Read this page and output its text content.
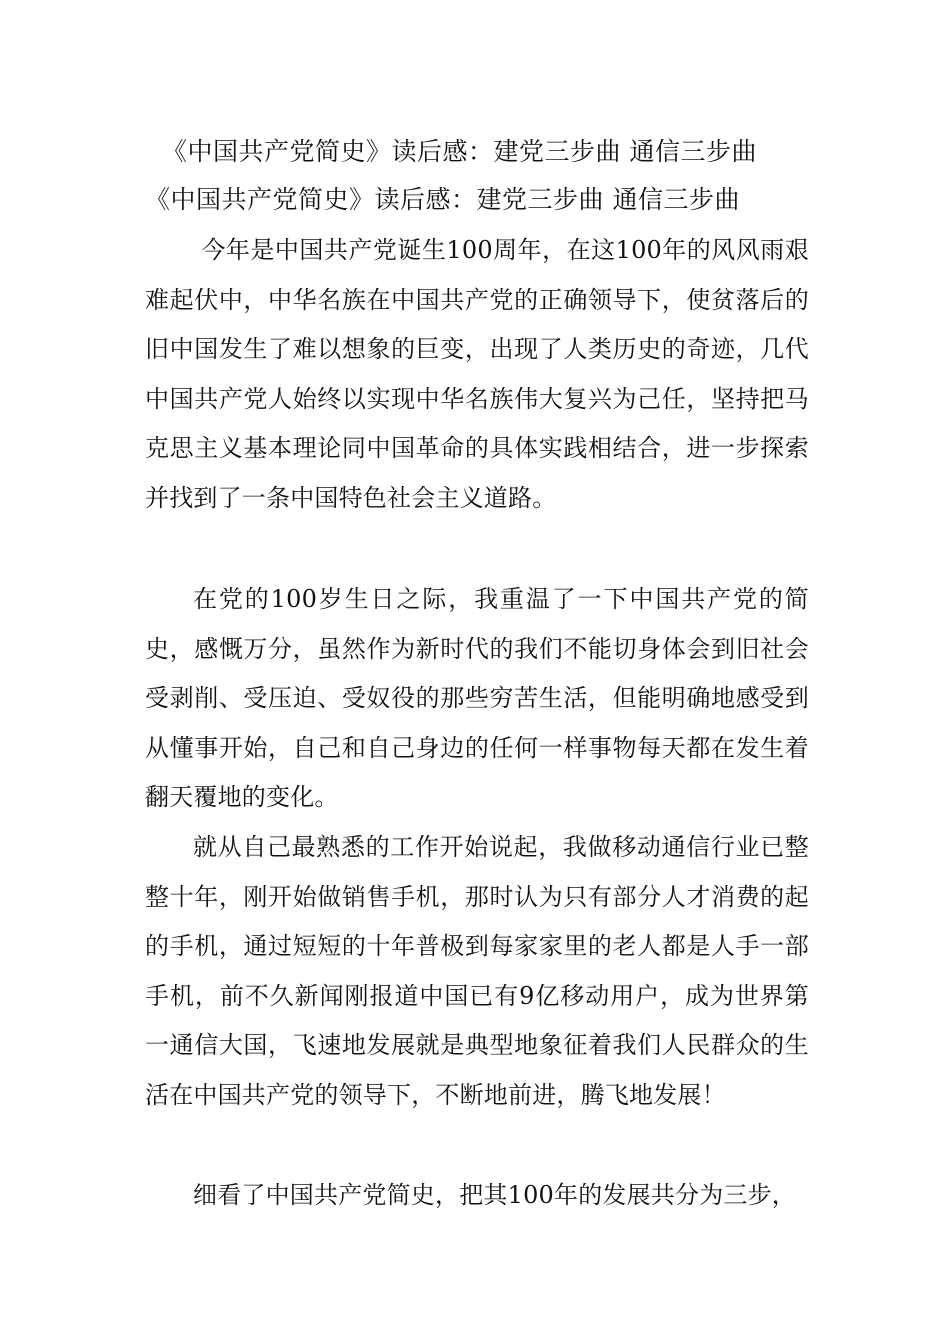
《中国共产党简史》读后感：建党三步曲 通信三步曲
《中国共产党简史》读后感：建党三步曲 通信三步曲

今年是中国共产党诞生100周年，在这100年的风风雨艰难起伏中，中华名族在中国共产党的正确领导下，使贫落后的旧中国发生了难以想象的巨变，出现了人类历史的奇迹，几代中国共产党人始终以实现中华名族伟大复兴为己任，坚持把马克思主义基本理论同中国革命的具体实践相结合，进一步探索并找到了一条中国特色社会主义道路。

在党的100岁生日之际，我重温了一下中国共产党的简史，感慨万分，虽然作为新时代的我们不能切身体会到旧社会受剥削、受压迫、受奴役的那些穷苦生活，但能明确地感受到从懂事开始，自己和自己身边的任何一样事物每天都在发生着翻天覆地的变化。

就从自己最熟悉的工作开始说起，我做移动通信行业已整整十年，刚开始做销售手机，那时认为只有部分人才消费的起的手机，通过短短的十年普极到每家家里的老人都是人手一部手机，前不久新闻刚报道中国已有9亿移动用户，成为世界第一通信大国，飞速地发展就是典型地象征着我们人民群众的生活在中国共产党的领导下，不断地前进，腾飞地发展！

细看了中国共产党简史，把其100年的发展共分为三步，
